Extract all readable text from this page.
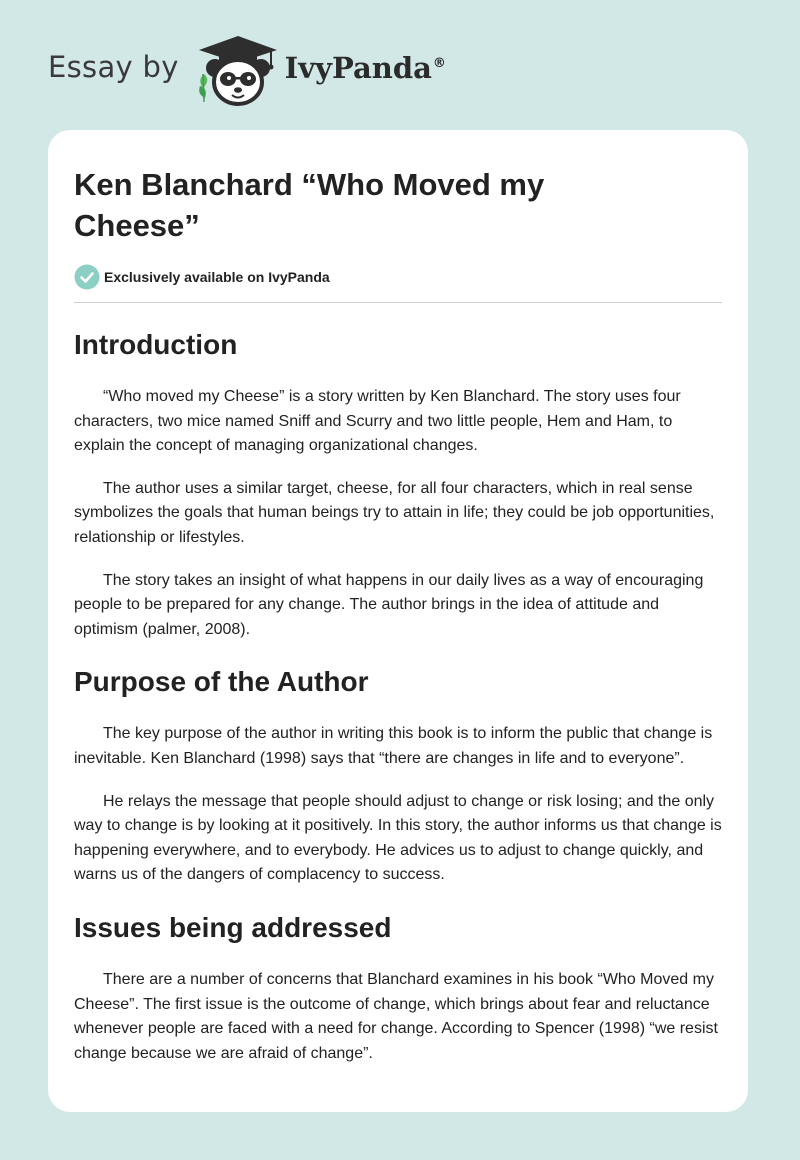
Essay by	IvyPanda®
Ken Blanchard “Who Moved my Cheese”
Exclusively available on IvyPanda
Introduction

“Who moved my Cheese” is a story written by Ken Blanchard. The story uses four characters, two mice named Sniff and Scurry and two little people, Hem and Ham, to explain the concept of managing organizational changes.

The author uses a similar target, cheese, for all four characters, which in real sense symbolizes the goals that human beings try to attain in life; they could be job opportunities, relationship or lifestyles.

The story takes an insight of what happens in our daily lives as a way of encouraging people to be prepared for any change. The author brings in the idea of attitude and optimism (palmer, 2008).

Purpose of the Author

The key purpose of the author in writing this book is to inform the public that change is inevitable. Ken Blanchard (1998) says that “there are changes in life and to everyone”.

He relays the message that people should adjust to change or risk losing; and the only way to change is by looking at it positively. In this story, the author informs us that change is happening everywhere, and to everybody. He advices us to adjust to change quickly, and warns us of the dangers of complacency to success.

Issues being addressed

There are a number of concerns that Blanchard examines in his book “Who Moved my Cheese”. The first issue is the outcome of change, which brings about fear and reluctance whenever people are faced with a need for change. According to Spencer (1998) “we resist change because we are afraid of change”.
